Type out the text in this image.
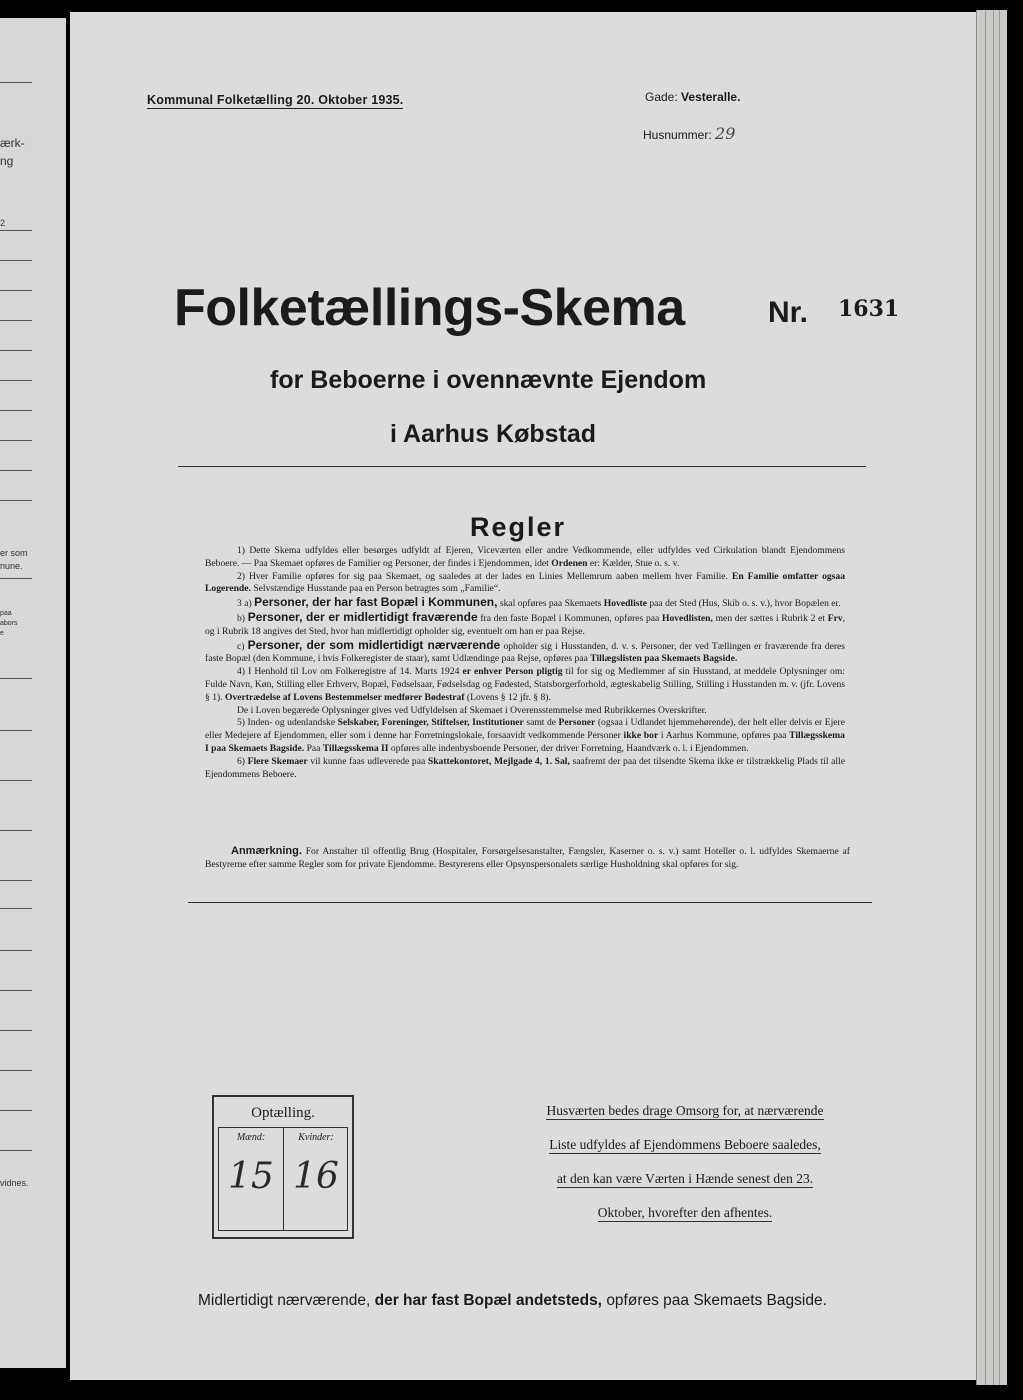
ærk-
ng
2
er som
nune.
paa
abors
e
vidnes.
Kommunal Folketælling 20. Oktober 1935.	Gade: Vesteralle.
Husnummer: 29
Folketællings-Skema	Nr. 1631
for Beboerne i ovennævnte Ejendom
i Aarhus Købstad
Regler

1) Dette Skema udfyldes eller besørges udfyldt af Ejeren, Viceværten eller andre Vedkommende, eller udfyldes ved Cirkulation blandt Ejendommens Beboere. — Paa Skemaet opføres de Familier og Personer, der findes i Ejendommen, idet Ordenen er: Kælder, Stue o. s. v.

2) Hver Familie opføres for sig paa Skemaet, og saaledes at der lades en Linies Mellemrum aaben mellem hver Familie. En Familie omfatter ogsaa Logerende. Selvstændige Husstande paa en Person betragtes som „Familie“.

3 a) Personer, der har fast Bopæl i Kommunen, skal opføres paa Skemaets Hovedliste paa det Sted (Hus, Skib o. s. v.), hvor Bopælen er.

b) Personer, der er midlertidigt fraværende fra den faste Bopæl i Kommunen, opføres paa Hovedlisten, men der sættes i Rubrik 2 et Frv, og i Rubrik 18 angives det Sted, hvor han midlertidigt opholder sig, eventuelt om han er paa Rejse.

c) Personer, der som midlertidigt nærværende opholder sig i Husstanden, d. v. s. Personer, der ved Tællingen er fraværende fra deres faste Bopæl (den Kommune, i hvis Folkeregister de staar), samt Udlændinge paa Rejse, opføres paa Tillægslisten paa Skemaets Bagside.

4) I Henhold til Lov om Folkeregistre af 14. Marts 1924 er enhver Person pligtig til for sig og Medlemmer af sin Husstand, at meddele Oplysninger om: Fulde Navn, Køn, Stilling eller Erhverv, Bopæl, Fødselsaar, Fødselsdag og Fødested, Statsborgerforhold, ægteskabelig Stilling, Stilling i Husstanden m. v. (jfr. Lovens § 1). Overtrædelse af Lovens Bestemmelser medfører Bødestraf (Lovens § 12 jfr. § 8).

De i Loven begærede Oplysninger gives ved Udfyldelsen af Skemaet i Overensstemmelse med Rubrikkernes Overskrifter.

5) Inden- og udenlandske Selskaber, Foreninger, Stiftelser, Institutioner samt de Personer (ogsaa i Udlandet hjemmehørende), der helt eller delvis er Ejere eller Medejere af Ejendommen, eller som i denne har Forretningslokale, forsaavidt vedkommende Personer ikke bor i Aarhus Kommune, opføres paa Tillægsskema I paa Skemaets Bagside. Paa Tillægsskema II opføres alle indenbysboende Personer, der driver Forretning, Haandværk o. l. i Ejendommen.

6) Flere Skemaer vil kunne faas udleverede paa Skattekontoret, Mejlgade 4, 1. Sal, saafremt der paa det tilsendte Skema ikke er tilstrækkelig Plads til alle Ejendommens Beboere.

Anmærkning. For Anstalter til offentlig Brug (Hospitaler, Forsørgelsesanstalter, Fængsler, Kaserner o. s. v.) samt Hoteller o. l. udfyldes Skemaerne af Bestyrerne efter samme Regler som for private Ejendomme. Bestyrerens eller Opsynspersonalets særlige Husholdning skal opføres for sig.
Optælling.
Mænd:
15
Kvinder:
16
Husværten bedes drage Omsorg for, at nærværende
Liste udfyldes af Ejendommens Beboere saaledes,
at den kan være Værten i Hænde senest den 23.
Oktober, hvorefter den afhentes.
Midlertidigt nærværende, der har fast Bopæl andetsteds, opføres paa Skemaets Bagside.
